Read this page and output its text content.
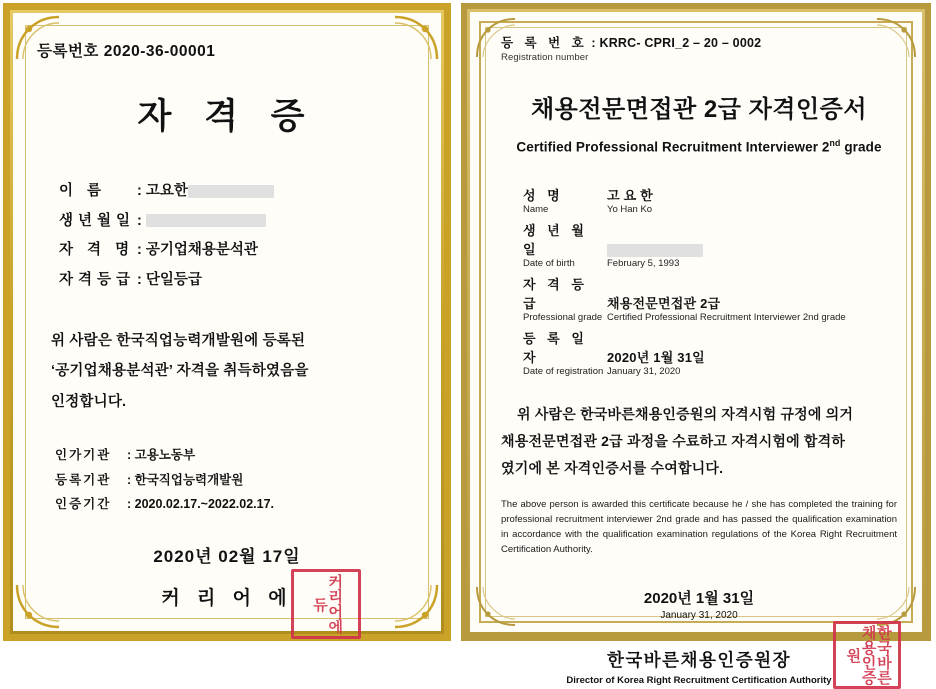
등록번호 2020-36-00001
자 격 증
이 름 : 고요한
생년월일 :
자 격 명 : 공기업채용분석관
자격등급 : 단일등급
위 사람은 한국직업능력개발원에 등록된
‘공기업채용분석관’ 자격을 취득하였음을
인정합니다.
인가기관 : 고용노동부
등록기관 : 한국직업능력개발원
인증기간 : 2020.02.17.~2022.02.17.
2020년 02월 17일
커 리 어 에	커리어에듀
등 록 번 호 : KRRC- CPRI_2 – 20 – 0002
Registration number
채용전문면접관 2급 자격인증서
Certified Professional Recruitment Interviewer 2nd grade
성 명	고 요 한
Name	Yo Han Ko
생 년 월 일
Date of birth	February 5, 1993
자 격 등 급	채용전문면접관 2급
Professional grade Certified Professional Recruitment Interviewer 2nd grade
등 록 일 자	2020년 1월 31일
Date of registration January 31, 2020
위 사람은 한국바른채용인증원의 자격시험 규정에 의거
채용전문면접관 2급 과정을 수료하고 자격시험에 합격하
였기에 본 자격인증서를 수여합니다.
The above person is awarded this certificate because he / she has completed the training for professional recruitment interviewer 2nd grade and has passed the qualification examination in accordance with the qualification examination regulations of the Korea Right Recruitment Certification Authority.
2020년 1월 31일
January 31, 2020
한국바른채용인증원장	한국바른채용인증원
Director of Korea Right Recruitment Certification Authority
